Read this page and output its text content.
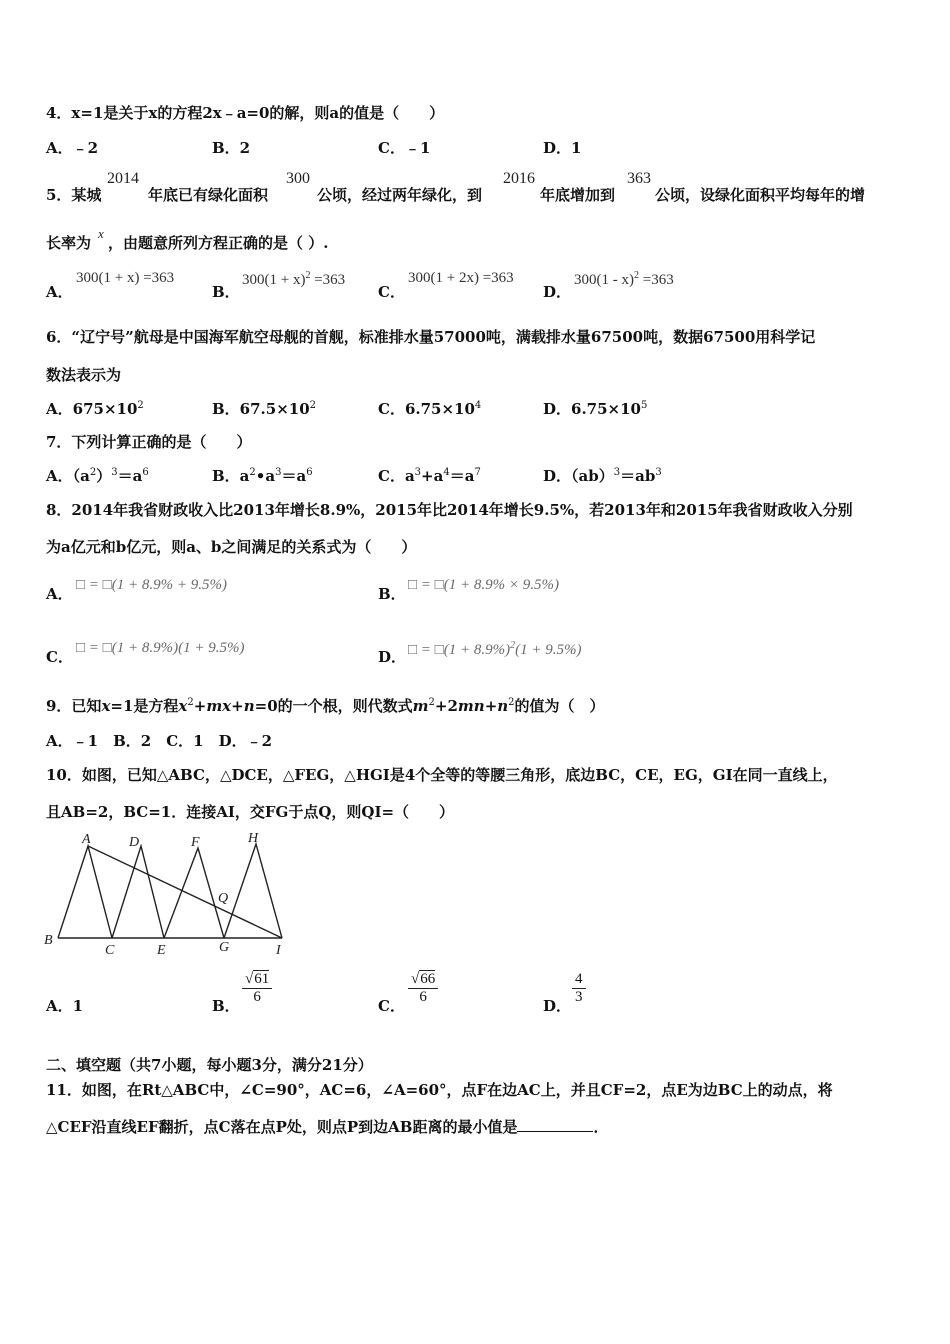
4．x=1是关于x的方程2x﹣a=0的解，则a的值是（　　）
A．﹣2	B．2	C．﹣1	D．1
5．某城
2014
年底已有绿化面积
300
公顷，经过两年绿化，到
2016
年底增加到
363
公顷，设绿化面积平均每年的增
长率为
x
，由题意所列方程正确的是（ ）.
A．
300(1 + x) =363
B．
$300(1 + x)^2 =363$
C．
300(1 + 2x) =363
D．
300(1 - x)$^2$ =363
6．“辽宁号”航母是中国海军航空母舰的首舰，标准排水量57000吨，满载排水量67500吨，数据67500用科学记
数法表示为
A．$675\times 10^2$	B．$67.5\times 10^2$	C．$6.75\times 10^4$	D．$6.75\times 10^5$
7．下列计算正确的是（　　）
A．$(a^2)^3=a^6$	B．$a^2•a^3=a^6$	C．$a^3+a^4=a^7$	D．$(ab)^3=ab^3$
8．2014年我省财政收入比2013年增长8.9%，2015年比2014年增长9.5%，若2013年和2015年我省财政收入分别
为a亿元和b亿元，则a、b之间满足的关系式为（　　）
A． □ = □(1 + 8.9% + 9.5%)	B． □ = □(1 + 8.9% × 9.5%)
C． □ = □(1 + 8.9%)(1 + 9.5%)	D． □ = □(1 + 8.9%)$^2$(1 + 9.5%)
9．已知x=1是方程$x^2+mx+n=0$的一个根，则代数式$m^2+2mn+n^2$的值为（　）
A．﹣1　B．2　C．1　D．﹣2
10．如图，已知△ABC，△DCE，△FEG，△HGI是4个全等的等腰三角形，底边BC，CE，EG，GI在同一直线上，
且AB=2，BC=1．连接AI，交FG于点Q，则QI=（　　）
A	D	F	H
Q
B
C	E	G	I
A．1	B．
√61
6	C．
√66
6	D．
4
3
二、填空题（共7小题，每小题3分，满分21分）
11．如图，在Rt△ABC中，∠C=90°，AC=6，∠A=60°，点F在边AC上，并且CF=2，点E为边BC上的动点，将
△CEF沿直线EF翻折，点C落在点P处，则点P到边AB距离的最小值是	．
